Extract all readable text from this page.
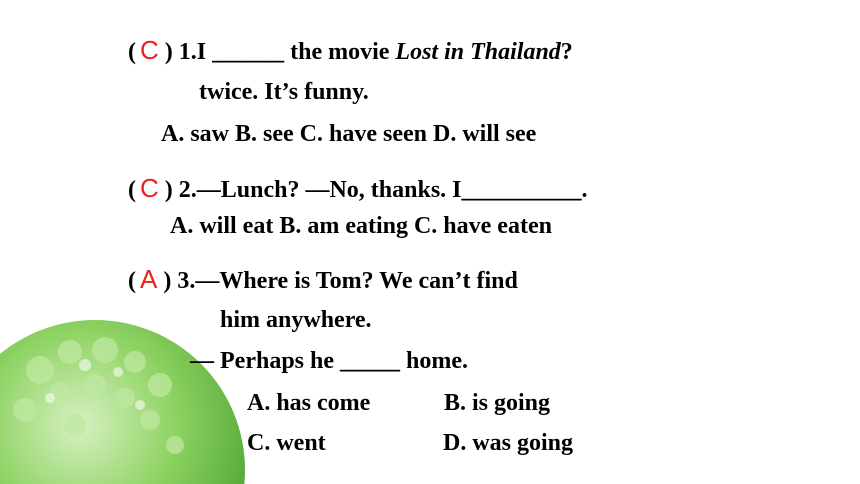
( C ) 1.I ______ the movie Lost in Thailand?
twice. It’s funny.
A. saw B. see C. have seen D. will see
( C ) 2.—Lunch? —No, thanks. I__________.
A. will eat B. am eating C. have eaten
( A ) 3.—Where is Tom? We can’t find
him anywhere.
— Perhaps he _____ home.
A. has come	B. is going
C. went	D. was going
